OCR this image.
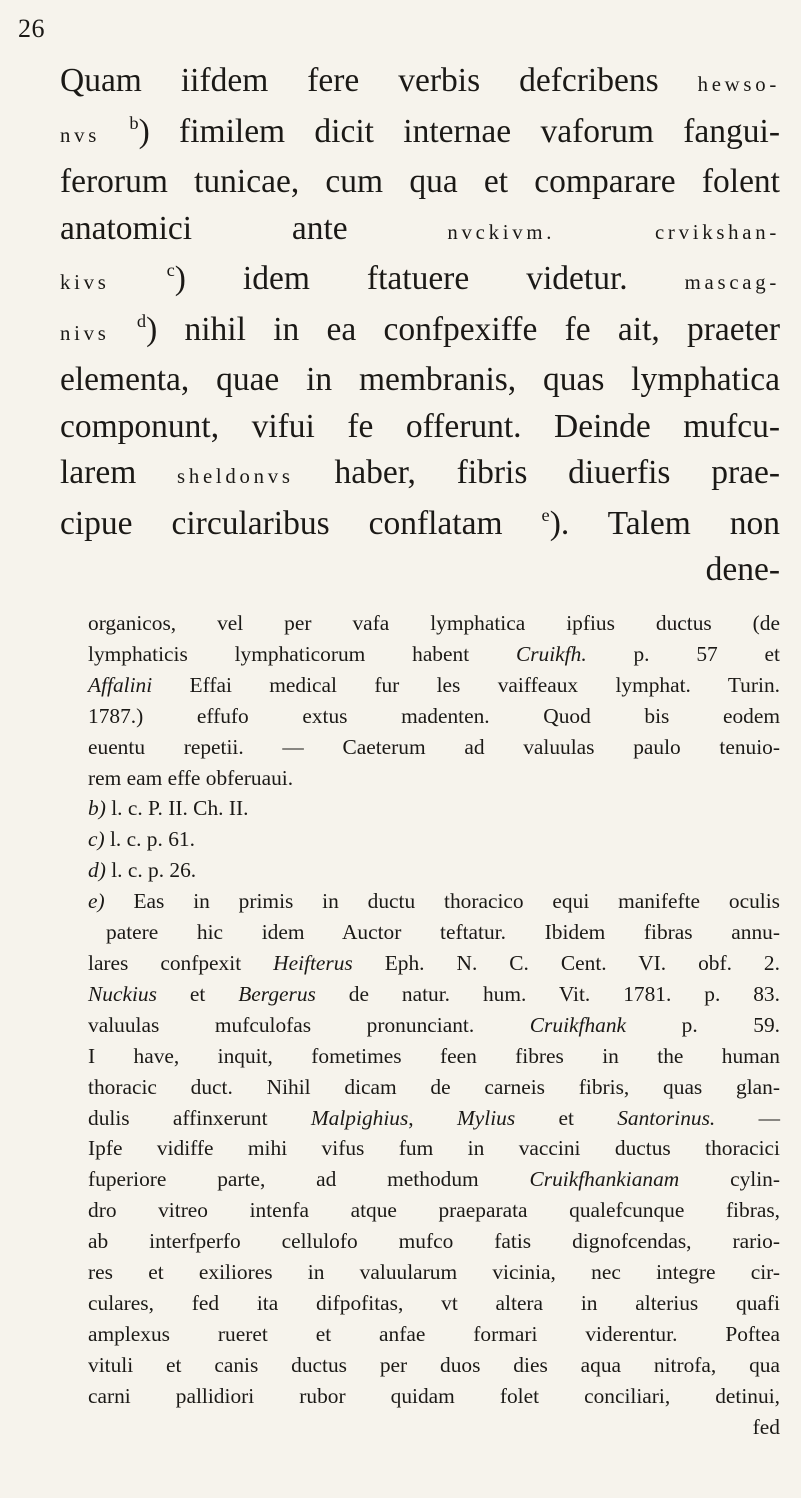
26
Quam iifdem fere verbis defcribens hewso-
nvs $^b$) fimilem dicit internae vaforum fangui-
ferorum tunicae, cum qua et comparare folent
anatomici ante	nvckivm.	crvikshan-
kivs $^c$) idem ftatuere videtur.	mascag-
nivs $^d$) nihil in ea confpexiffe fe ait, praeter
elementa, quae in membranis, quas lymphatica
componunt, vifui fe offerunt. Deinde mufcu-
larem sheldonvs haber, fibris diuerfis prae-
cipue circularibus conflatam $^e$). Talem non
dene-
organicos, vel per vafa lymphatica ipfius ductus (de
lymphaticis lymphaticorum habent Cruikfh. p. 57 et
Affalini Effai medical fur les vaiffeaux lymphat. Turin.
1787.) effufo extus madenten. Quod bis eodem
euentu repetii. — Caeterum ad valuulas paulo tenuio-
rem eam effe obferuaui.
b) l. c. P. II. Ch. II.
c) l. c. p. 61.
d) l. c. p. 26.
e) Eas in primis in ductu thoracico equi manifefte oculis
patere hic idem Auctor teftatur. Ibidem fibras annu-
lares confpexit Heifterus Eph. N. C. Cent. VI. obf. 2.
Nuckius et Bergerus de natur. hum. Vit. 1781. p. 83.
valuulas mufculofas pronunciant.	Cruikfhank	p. 59.
I have, inquit, fometimes feen fibres in the human
thoracic duct. Nihil dicam de carneis fibris, quas glan-
dulis affinxerunt Malpighius, Mylius et Santorinus. —
Ipfe vidiffe mihi vifus fum in vaccini ductus thoracici
fuperiore parte, ad methodum Cruikfhankianam cylin-
dro vitreo intenfa atque praeparata qualefcunque fibras,
ab interfperfo cellulofo mufco fatis dignofcendas, rario-
res et exiliores in valuularum vicinia, nec integre cir-
culares, fed ita difpofitas, vt altera in alterius quafi
amplexus rueret et anfae formari viderentur. Poftea
vituli et canis ductus per duos dies aqua nitrofa, qua
carni pallidiori rubor quidam folet conciliari, detinui,
fed
